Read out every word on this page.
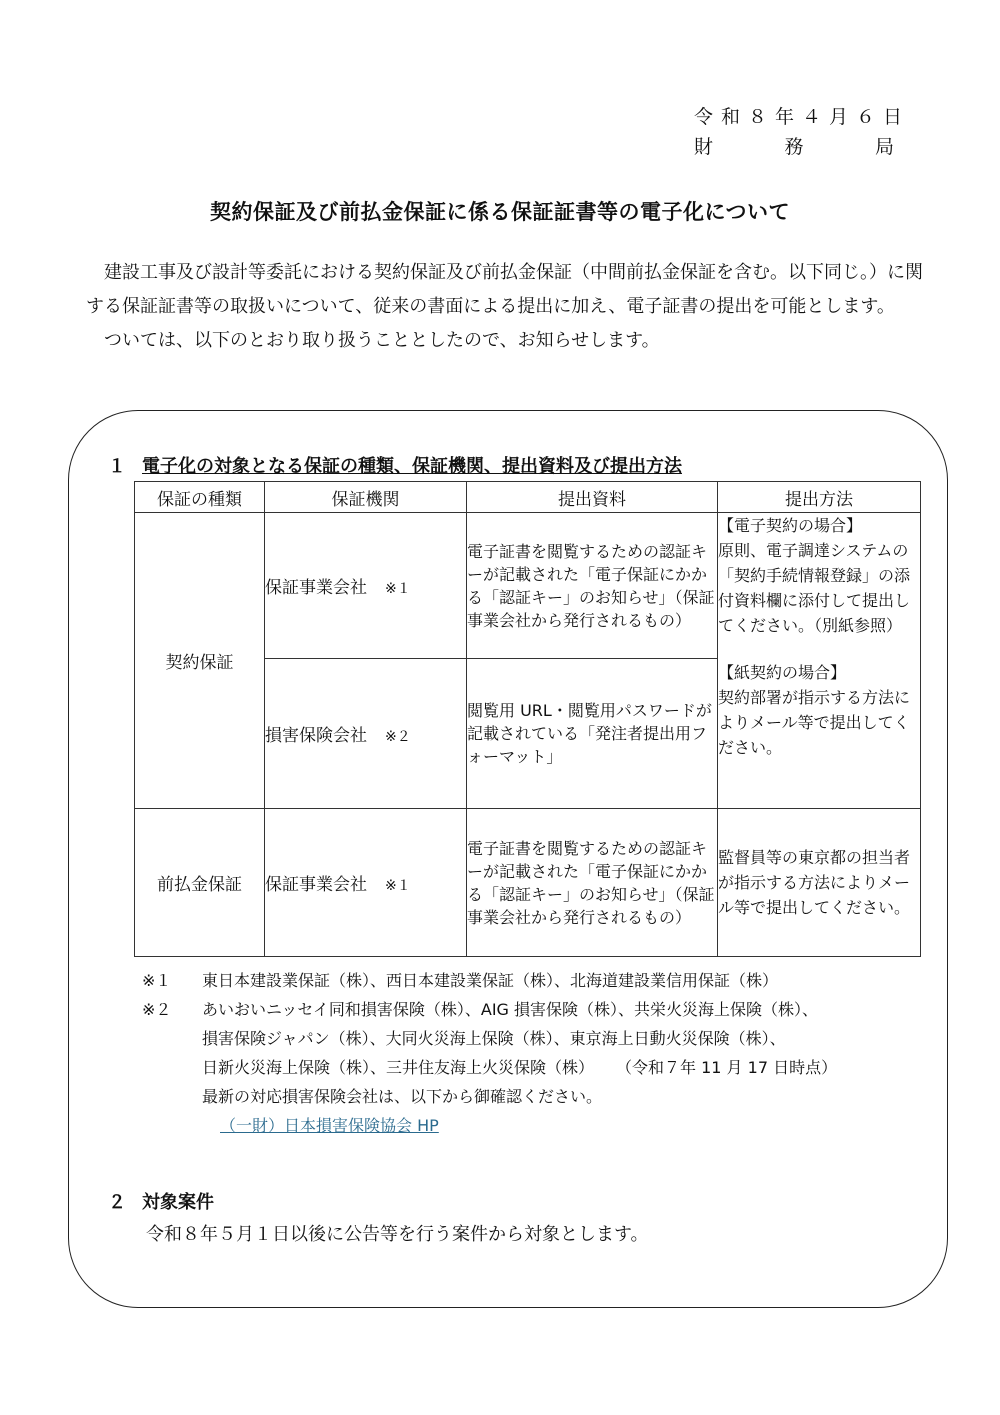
令和８年４月６日
財	務	局
契約保証及び前払金保証に係る保証証書等の電子化について

建設工事及び設計等委託における契約保証及び前払金保証（中間前払金保証を含む。以下同じ。）に関する保証証書等の取扱いについて、従来の書面による提出に加え、電子証書の提出を可能とします。

ついては、以下のとおり取り扱うこととしたので、お知らせします。

１ 電子化の対象となる保証の種類、保証機関、提出資料及び提出方法
保証の種類	保証機関	提出資料	提出方法
契約保証	保証事業会社 ※１	電子証書を閲覧するための認証キーが記載された「電子保証にかかる「認証キー」のお知らせ」（保証事業会社から発行されるもの）	【電子契約の場合】
原則、電子調達システムの「契約手続情報登録」の添付資料欄に添付して提出してください。（別紙参照）
【紙契約の場合】
契約部署が指示する方法によりメール等で提出してください。
	損害保険会社 ※２	閲覧用 URL・閲覧用パスワードが記載されている「発注者提出用フォーマット」	
前払金保証	保証事業会社 ※１	電子証書を閲覧するための認証キーが記載された「電子保証にかかる「認証キー」のお知らせ」（保証事業会社から発行されるもの）	監督員等の東京都の担当者が指示する方法によりメール等で提出してください。
※１	東日本建設業保証（株）、西日本建設業保証（株）、北海道建設業信用保証（株）
※２	あいおいニッセイ同和損害保険（株）、AIG 損害保険（株）、共栄火災海上保険（株）、
損害保険ジャパン（株）、大同火災海上保険（株）、東京海上日動火災保険（株）、
日新火災海上保険（株）、三井住友海上火災保険（株） （令和７年 11 月 17 日時点）
最新の対応損害保険会社は、以下から御確認ください。
（一財）日本損害保険協会 HP
２ 対象案件
令和８年５月１日以後に公告等を行う案件から対象とします。
